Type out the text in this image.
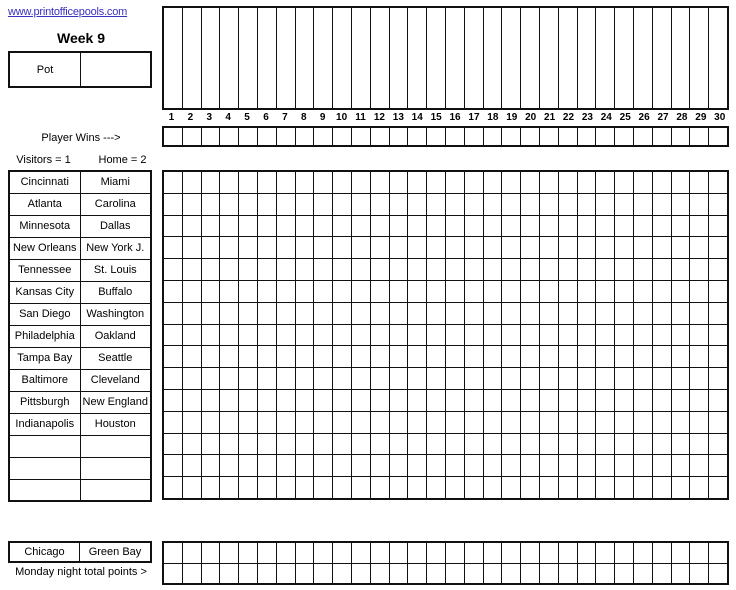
www.printofficepools.com
Week 9
Pot
Player Wins --->
Visitors = 1	Home = 2
Cincinnati	Miami
Atlanta	Carolina
Minnesota	Dallas
New Orleans	New York J.
Tennessee	St. Louis
Kansas City	Buffalo
San Diego	Washington
Philadelphia	Oakland
Tampa Bay	Seattle
Baltimore	Cleveland
Pittsburgh	New England
Indianapolis	Houston

Chicago	Green Bay
Monday night total points >
1	2	3	4	5	6	7	8	9	10 11 12 13 14 15 16 17 18 19 20 21 22 23 24 25 26 27 28 29 30
